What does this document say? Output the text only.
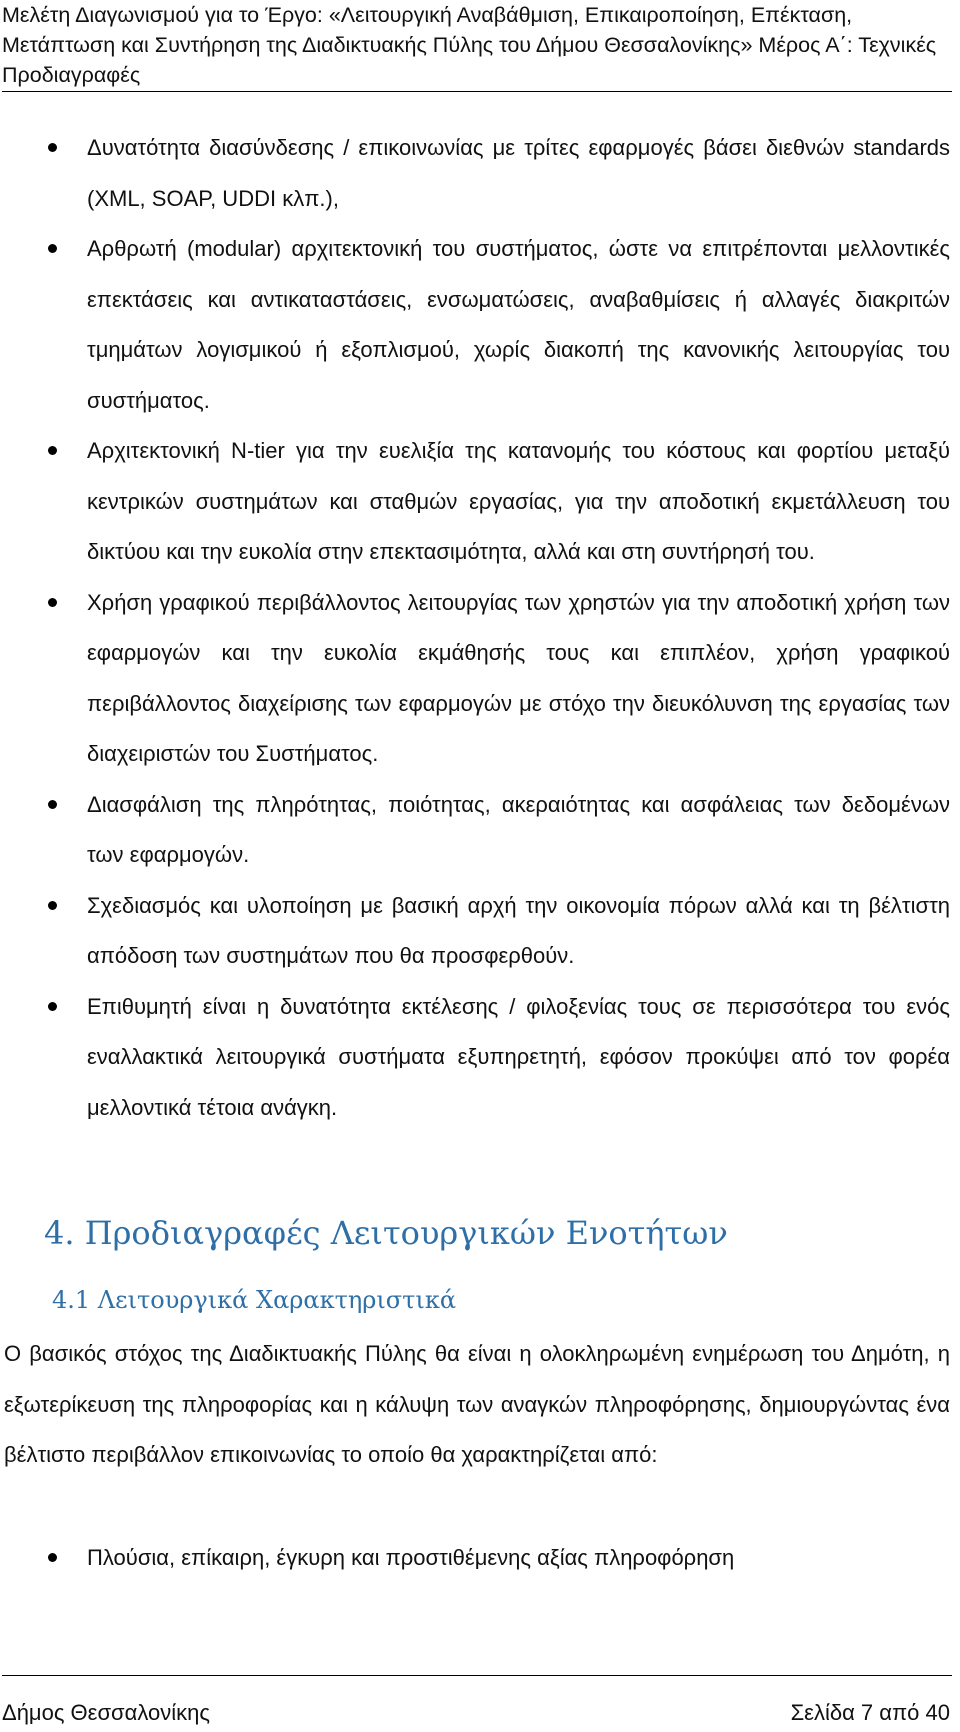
Μελέτη Διαγωνισμού για το Έργο: «Λειτουργική Αναβάθμιση, Επικαιροποίηση, Επέκταση, Μετάπτωση και Συντήρηση της Διαδικτυακής Πύλης του Δήμου Θεσσαλονίκης» Μέρος Α΄: Τεχνικές Προδιαγραφές
Δυνατότητα διασύνδεσης / επικοινωνίας με τρίτες εφαρμογές βάσει διεθνών standards (XML, SOAP, UDDI κλπ.),
Αρθρωτή (modular) αρχιτεκτονική του συστήματος, ώστε να επιτρέπονται μελλοντικές επεκτάσεις και αντικαταστάσεις, ενσωματώσεις, αναβαθμίσεις ή αλλαγές διακριτών τμημάτων λογισμικού ή εξοπλισμού, χωρίς διακοπή της κανονικής λειτουργίας του συστήματος.
Αρχιτεκτονική N-tier για την ευελιξία της κατανομής του κόστους και φορτίου μεταξύ κεντρικών συστημάτων και σταθμών εργασίας, για την αποδοτική εκμετάλλευση του δικτύου και την ευκολία στην επεκτασιμότητα, αλλά και στη συντήρησή του.
Χρήση γραφικού περιβάλλοντος λειτουργίας των χρηστών για την αποδοτική χρήση των εφαρμογών και την ευκολία εκμάθησής τους και επιπλέον, χρήση γραφικού περιβάλλοντος διαχείρισης των εφαρμογών με στόχο την διευκόλυνση της εργασίας των διαχειριστών του Συστήματος.
Διασφάλιση της πληρότητας, ποιότητας, ακεραιότητας και ασφάλειας των δεδομένων των εφαρμογών.
Σχεδιασμός και υλοποίηση με βασική αρχή την οικονομία πόρων αλλά και τη βέλτιστη απόδοση των συστημάτων που θα προσφερθούν.
Επιθυμητή είναι η δυνατότητα εκτέλεσης / φιλοξενίας τους σε περισσότερα του ενός εναλλακτικά λειτουργικά συστήματα εξυπηρετητή, εφόσον προκύψει από τον φορέα μελλοντικά τέτοια ανάγκη.
4. Προδιαγραφές Λειτουργικών Ενοτήτων
4.1 Λειτουργικά Χαρακτηριστικά

Ο βασικός στόχος της Διαδικτυακής Πύλης θα είναι η ολοκληρωμένη ενημέρωση του Δημότη, η εξωτερίκευση της πληροφορίας και η κάλυψη των αναγκών πληροφόρησης, δημιουργώντας ένα βέλτιστο περιβάλλον επικοινωνίας το οποίο θα χαρακτηρίζεται από:

Πλούσια, επίκαιρη, έγκυρη και προστιθέμενης αξίας πληροφόρηση
Δήμος Θεσσαλονίκης	Σελίδα 7 από 40
